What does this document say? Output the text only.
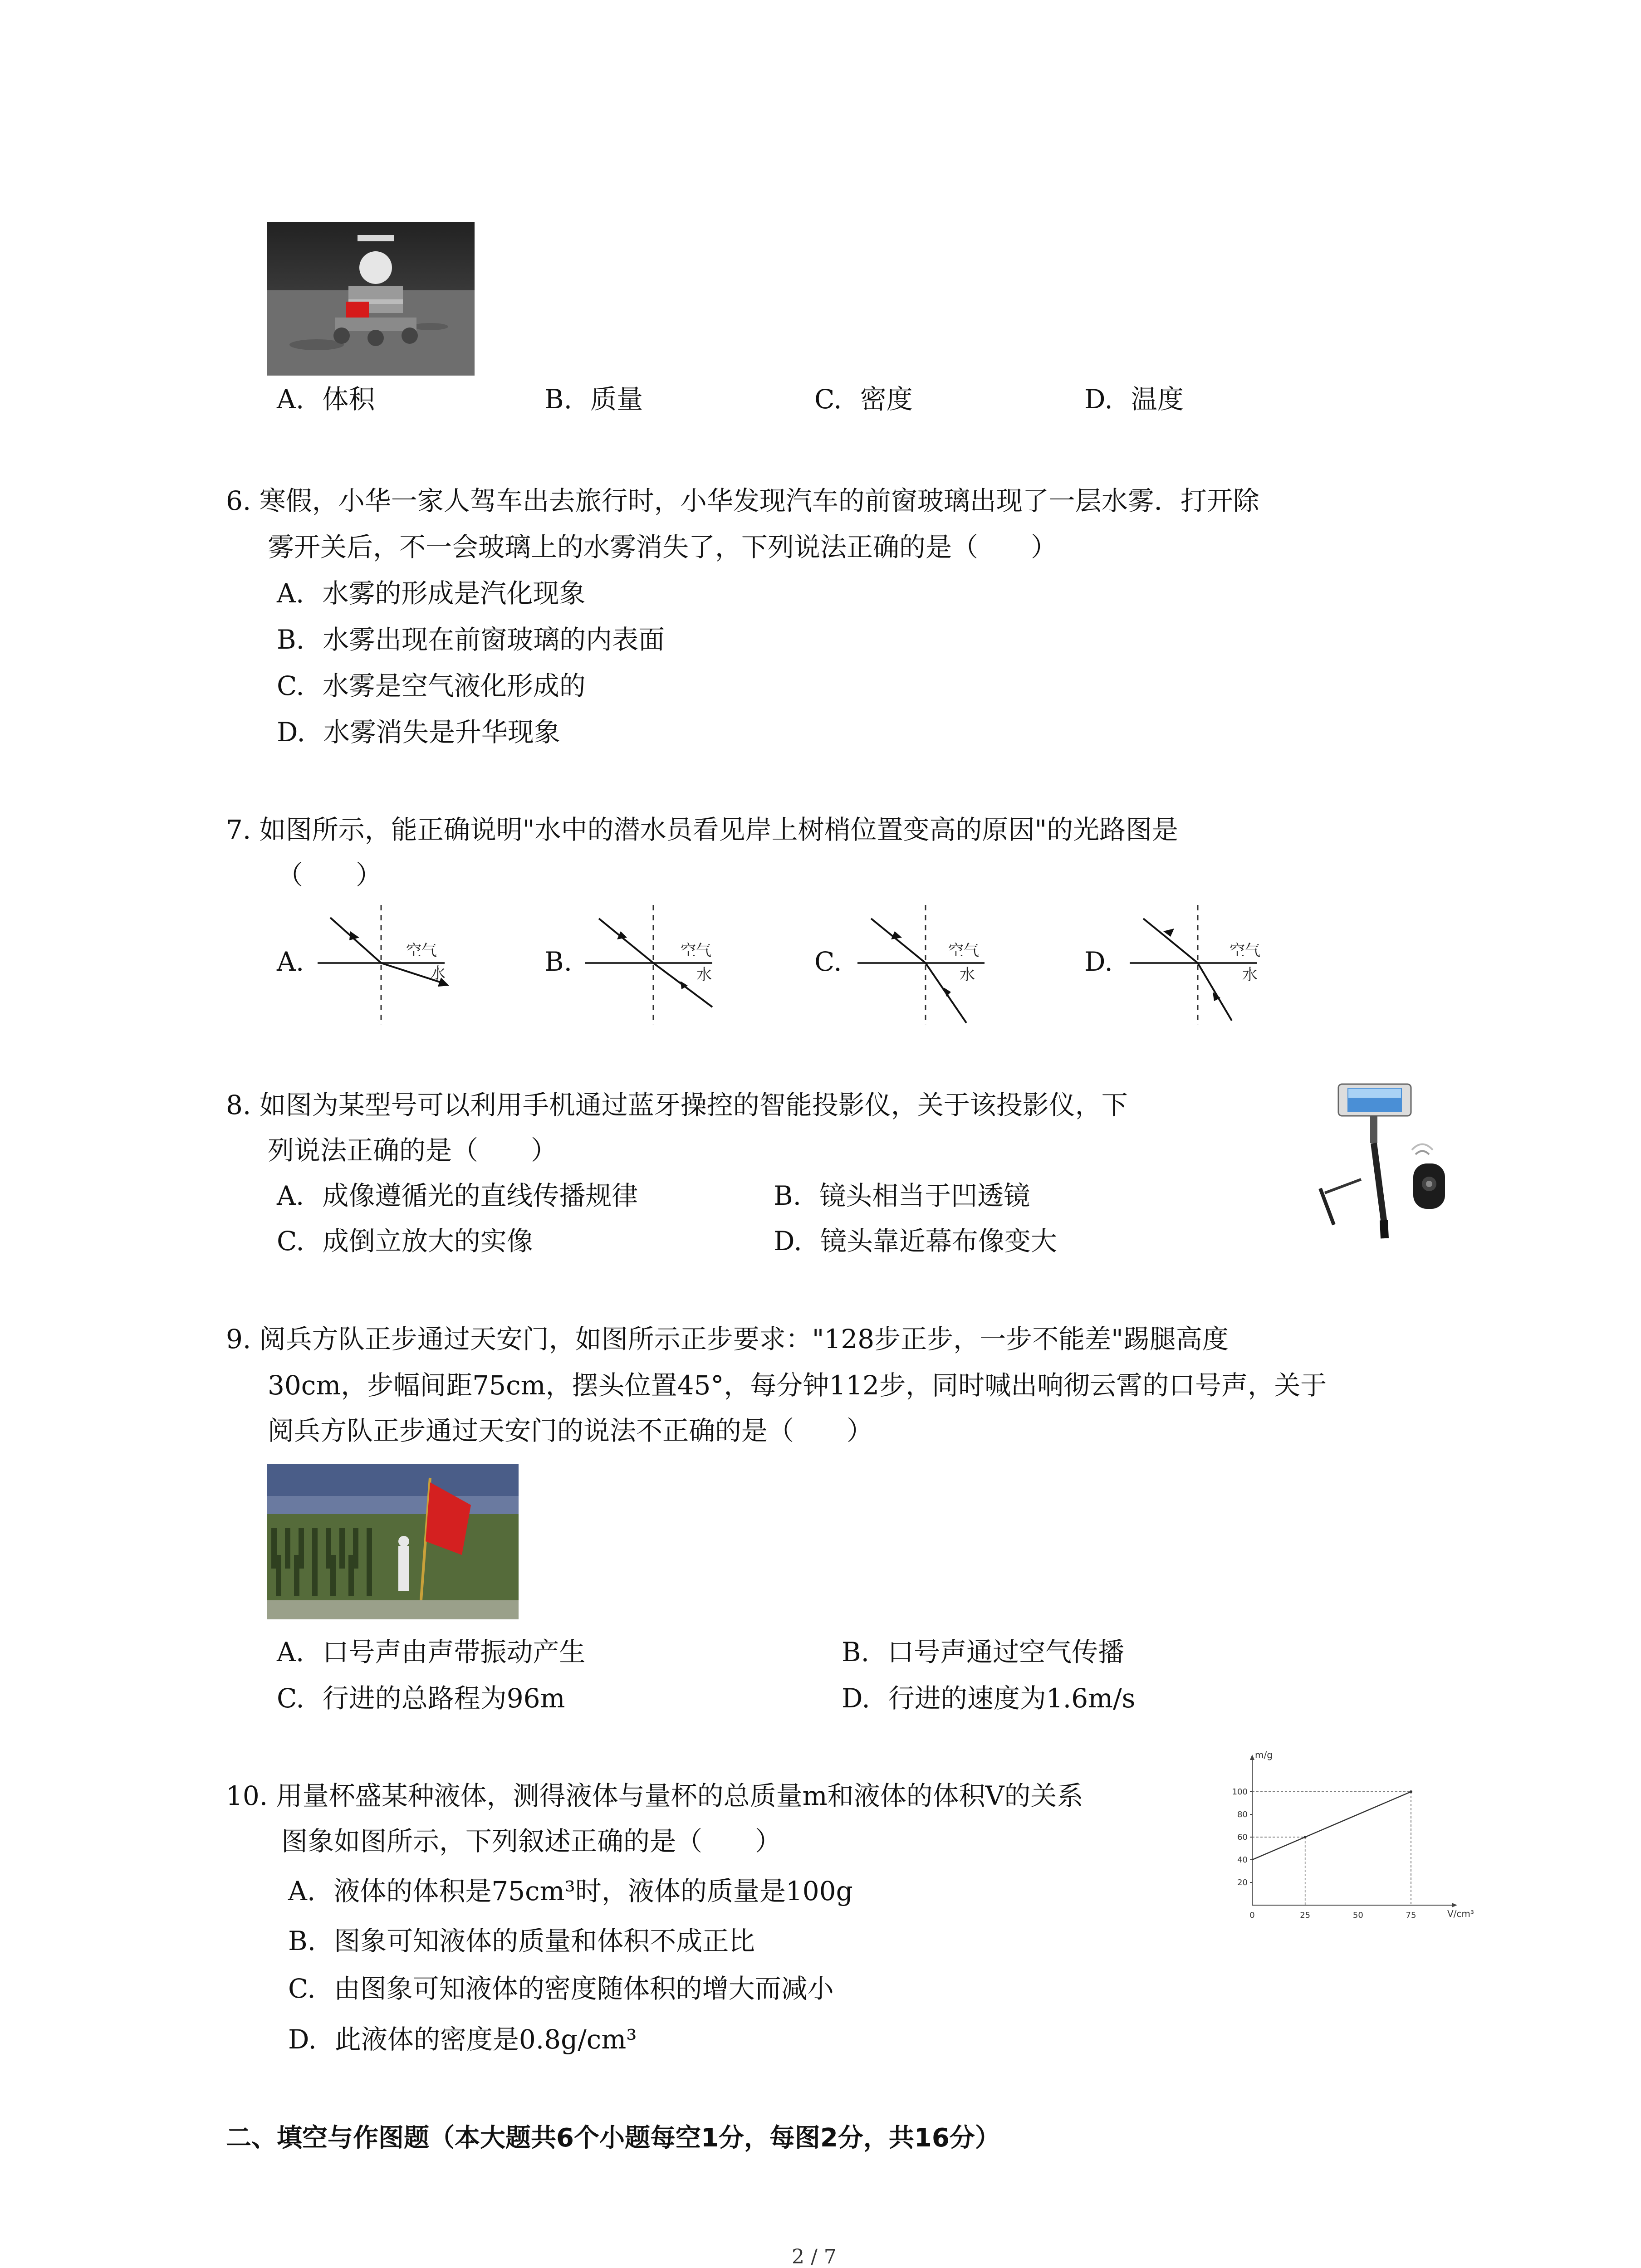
A. 体积	B. 质量	C. 密度	D. 温度
6. 寒假，小华一家人驾车出去旅行时，小华发现汽车的前窗玻璃出现了一层水雾．打开除
雾开关后，不一会玻璃上的水雾消失了，下列说法正确的是（　　）
A. 水雾的形成是汽化现象
B. 水雾出现在前窗玻璃的内表面
C. 水雾是空气液化形成的
D. 水雾消失是升华现象
7. 如图所示，能正确说明"水中的潜水员看见岸上树梢位置变高的原因"的光路图是
（　　）
A.	空气
水	B.	空气
水	C.	空气
水	D.	空气
水
8. 如图为某型号可以利用手机通过蓝牙操控的智能投影仪，关于该投影仪，下
列说法正确的是（　　）
A. 成像遵循光的直线传播规律	B. 镜头相当于凹透镜
C. 成倒立放大的实像	D. 镜头靠近幕布像变大
9. 阅兵方队正步通过天安门，如图所示正步要求："128步正步，一步不能差"踢腿高度
30cm，步幅间距75cm，摆头位置45°，每分钟112步，同时喊出响彻云霄的口号声，关于
阅兵方队正步通过天安门的说法不正确的是（　　）
A. 口号声由声带振动产生	B. 口号声通过空气传播
C. 行进的总路程为96m	D. 行进的速度为1.6m/s
10. 用量杯盛某种液体，测得液体与量杯的总质量m和液体的体积V的关系
图象如图所示，下列叙述正确的是（　　）
A. 液体的体积是75cm³时，液体的质量是100g
B. 图象可知液体的质量和体积不成正比
C. 由图象可知液体的密度随体积的增大而减小
D. 此液体的密度是0.8g/cm³
m/g
V/cm³
20
40
60
80
100
0	25	50	75
二、填空与作图题（本大题共6个小题每空1分，每图2分，共16分）
2 / 7
